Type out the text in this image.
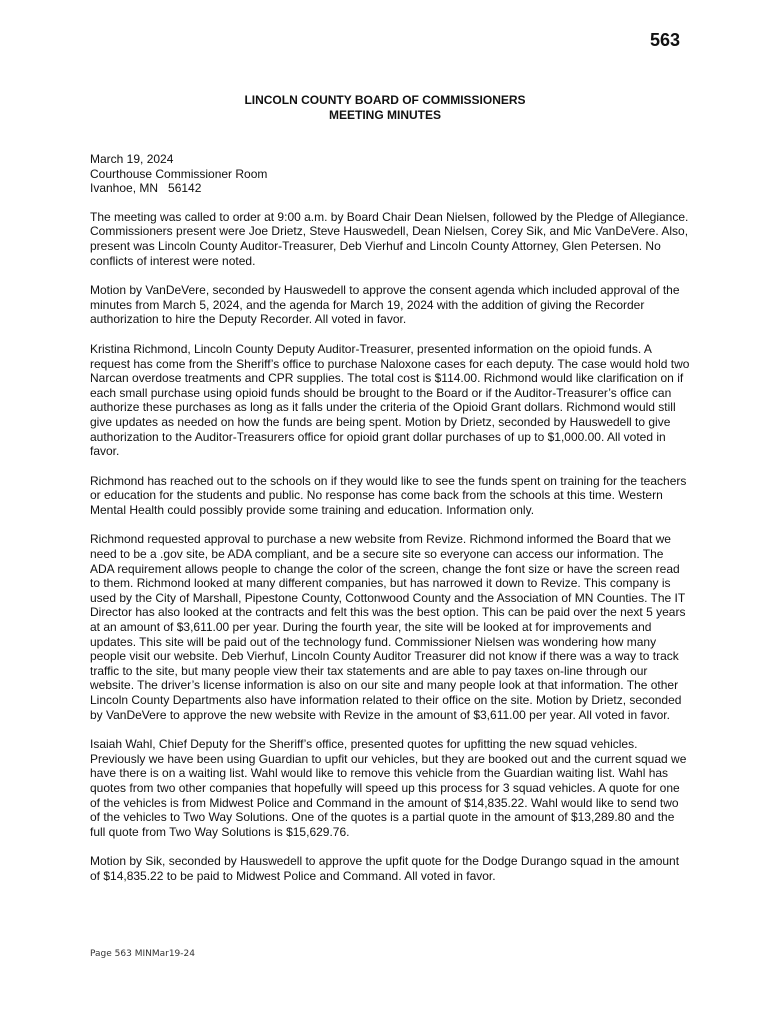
563
LINCOLN COUNTY BOARD OF COMMISSIONERS
MEETING MINUTES

March 19, 2024
Courthouse Commissioner Room
Ivanhoe, MN   56142

The meeting was called to order at 9:00 a.m. by Board Chair Dean Nielsen, followed by the Pledge of Allegiance. Commissioners present were Joe Drietz, Steve Hauswedell, Dean Nielsen, Corey Sik, and Mic VanDeVere. Also, present was Lincoln County Auditor-Treasurer, Deb Vierhuf and Lincoln County Attorney, Glen Petersen. No conflicts of interest were noted.

Motion by VanDeVere, seconded by Hauswedell to approve the consent agenda which included approval of the minutes from March 5, 2024, and the agenda for March 19, 2024 with the addition of giving the Recorder authorization to hire the Deputy Recorder. All voted in favor.

Kristina Richmond, Lincoln County Deputy Auditor-Treasurer, presented information on the opioid funds. A request has come from the Sheriff’s office to purchase Naloxone cases for each deputy. The case would hold two Narcan overdose treatments and CPR supplies. The total cost is $114.00. Richmond would like clarification on if each small purchase using opioid funds should be brought to the Board or if the Auditor-Treasurer’s office can authorize these purchases as long as it falls under the criteria of the Opioid Grant dollars. Richmond would still give updates as needed on how the funds are being spent. Motion by Drietz, seconded by Hauswedell to give authorization to the Auditor-Treasurers office for opioid grant dollar purchases of up to $1,000.00. All voted in favor.

Richmond has reached out to the schools on if they would like to see the funds spent on training for the teachers or education for the students and public. No response has come back from the schools at this time. Western Mental Health could possibly provide some training and education. Information only.

Richmond requested approval to purchase a new website from Revize. Richmond informed the Board that we need to be a .gov site, be ADA compliant, and be a secure site so everyone can access our information. The ADA requirement allows people to change the color of the screen, change the font size or have the screen read to them. Richmond looked at many different companies, but has narrowed it down to Revize. This company is used by the City of Marshall, Pipestone County, Cottonwood County and the Association of MN Counties. The IT Director has also looked at the contracts and felt this was the best option. This can be paid over the next 5 years at an amount of $3,611.00 per year. During the fourth year, the site will be looked at for improvements and updates. This site will be paid out of the technology fund. Commissioner Nielsen was wondering how many people visit our website. Deb Vierhuf, Lincoln County Auditor Treasurer did not know if there was a way to track traffic to the site, but many people view their tax statements and are able to pay taxes on-line through our website. The driver’s license information is also on our site and many people look at that information. The other Lincoln County Departments also have information related to their office on the site. Motion by Drietz, seconded by VanDeVere to approve the new website with Revize in the amount of $3,611.00 per year. All voted in favor.

Isaiah Wahl, Chief Deputy for the Sheriff’s office, presented quotes for upfitting the new squad vehicles. Previously we have been using Guardian to upfit our vehicles, but they are booked out and the current squad we have there is on a waiting list. Wahl would like to remove this vehicle from the Guardian waiting list. Wahl has quotes from two other companies that hopefully will speed up this process for 3 squad vehicles. A quote for one of the vehicles is from Midwest Police and Command in the amount of $14,835.22. Wahl would like to send two of the vehicles to Two Way Solutions. One of the quotes is a partial quote in the amount of $13,289.80 and the full quote from Two Way Solutions is $15,629.76.

Motion by Sik, seconded by Hauswedell to approve the upfit quote for the Dodge Durango squad in the amount of $14,835.22 to be paid to Midwest Police and Command. All voted in favor.

Page 563 MINMar19-24
